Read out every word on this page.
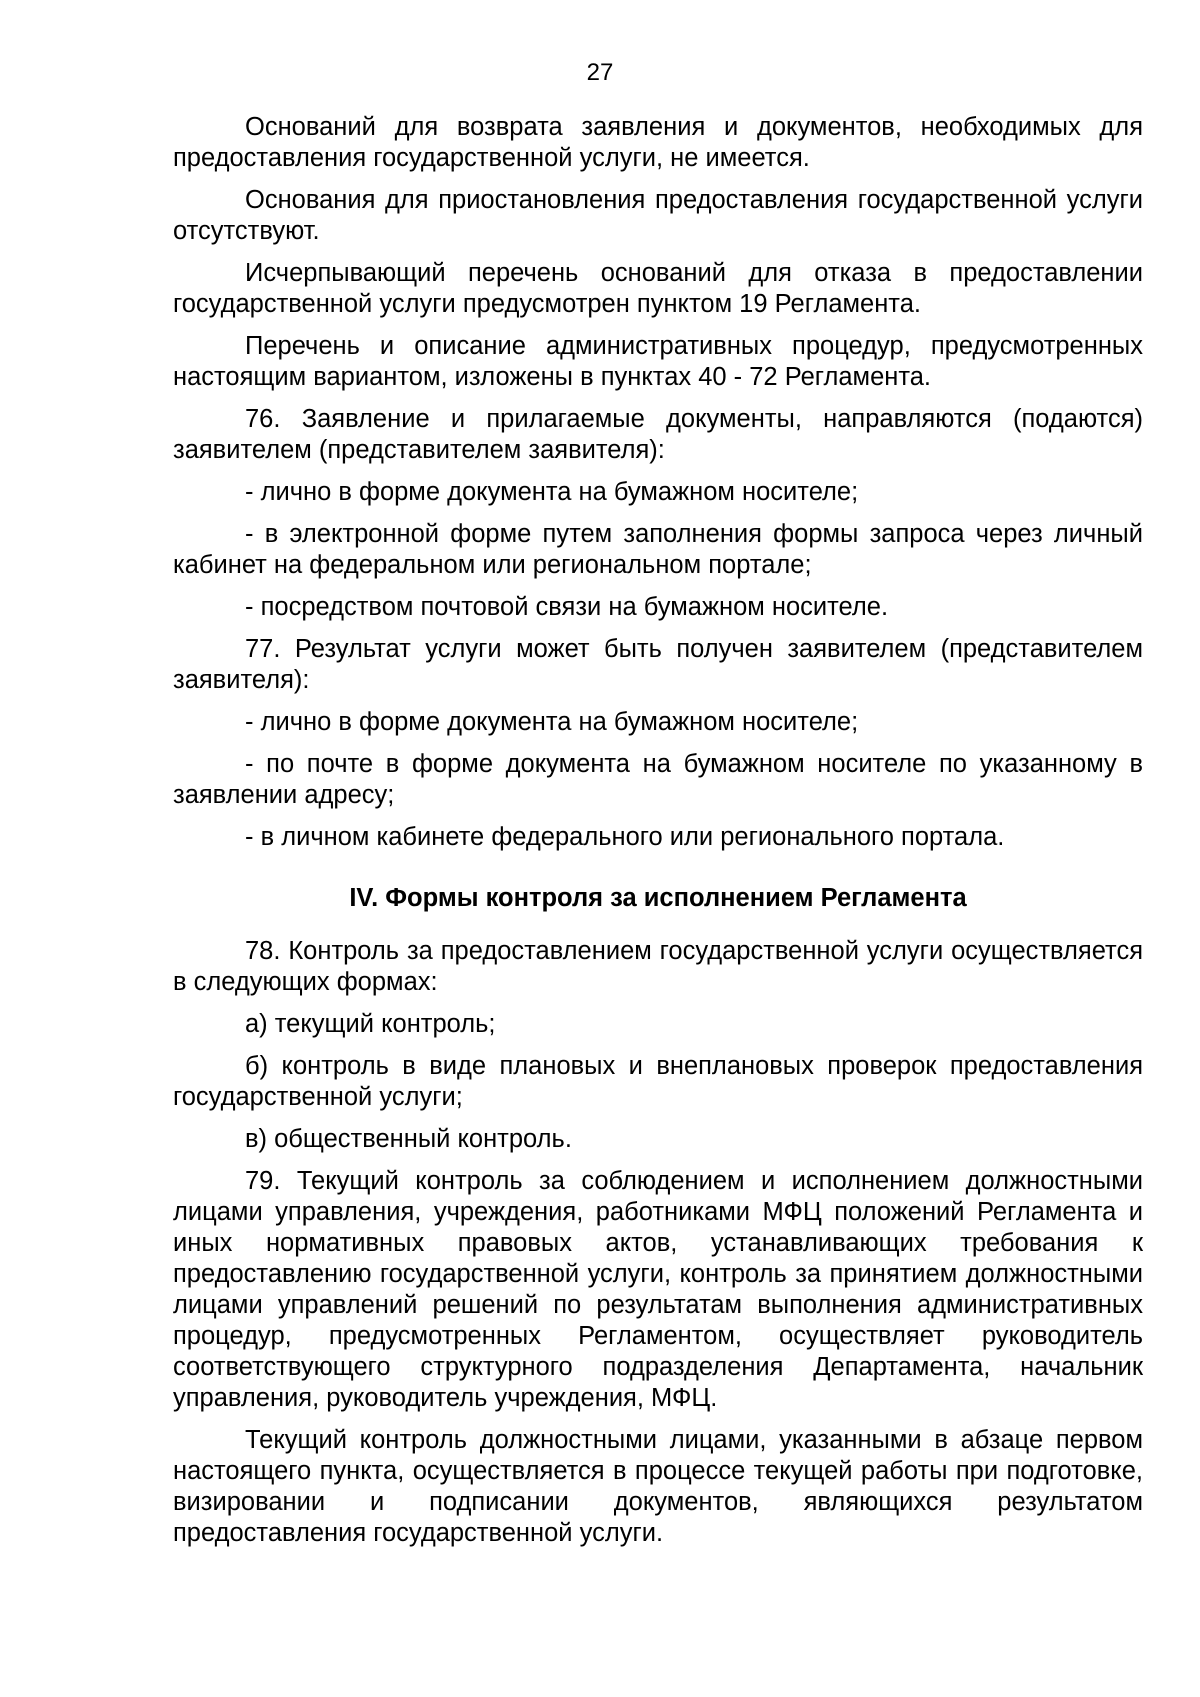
27

Оснований для возврата заявления и документов, необходимых для предоставления государственной услуги, не имеется.

Основания для приостановления предоставления государственной услуги отсутствуют.

Исчерпывающий перечень оснований для отказа в предоставлении государственной услуги предусмотрен пунктом 19 Регламента.

Перечень и описание административных процедур, предусмотренных настоящим вариантом, изложены в пунктах 40 - 72 Регламента.

76. Заявление и прилагаемые документы, направляются (подаются) заявителем (представителем заявителя):

- лично в форме документа на бумажном носителе;

- в электронной форме путем заполнения формы запроса через личный кабинет на федеральном или региональном портале;

- посредством почтовой связи на бумажном носителе.

77. Результат услуги может быть получен заявителем (представителем заявителя):

- лично в форме документа на бумажном носителе;

- по почте в форме документа на бумажном носителе по указанному в заявлении адресу;

- в личном кабинете федерального или регионального портала.

IV. Формы контроля за исполнением Регламента

78. Контроль за предоставлением государственной услуги осуществляется в следующих формах:

а) текущий контроль;

б) контроль в виде плановых и внеплановых проверок предоставления государственной услуги;

в) общественный контроль.

79. Текущий контроль за соблюдением и исполнением должностными лицами управления, учреждения, работниками МФЦ положений Регламента и иных нормативных правовых актов, устанавливающих требования к предоставлению государственной услуги, контроль за принятием должностными лицами управлений решений по результатам выполнения административных процедур, предусмотренных Регламентом, осуществляет руководитель соответствующего структурного подразделения Департамента, начальник управления, руководитель учреждения, МФЦ.

Текущий контроль должностными лицами, указанными в абзаце первом настоящего пункта, осуществляется в процессе текущей работы при подготовке, визировании и подписании документов, являющихся результатом предоставления государственной услуги.
